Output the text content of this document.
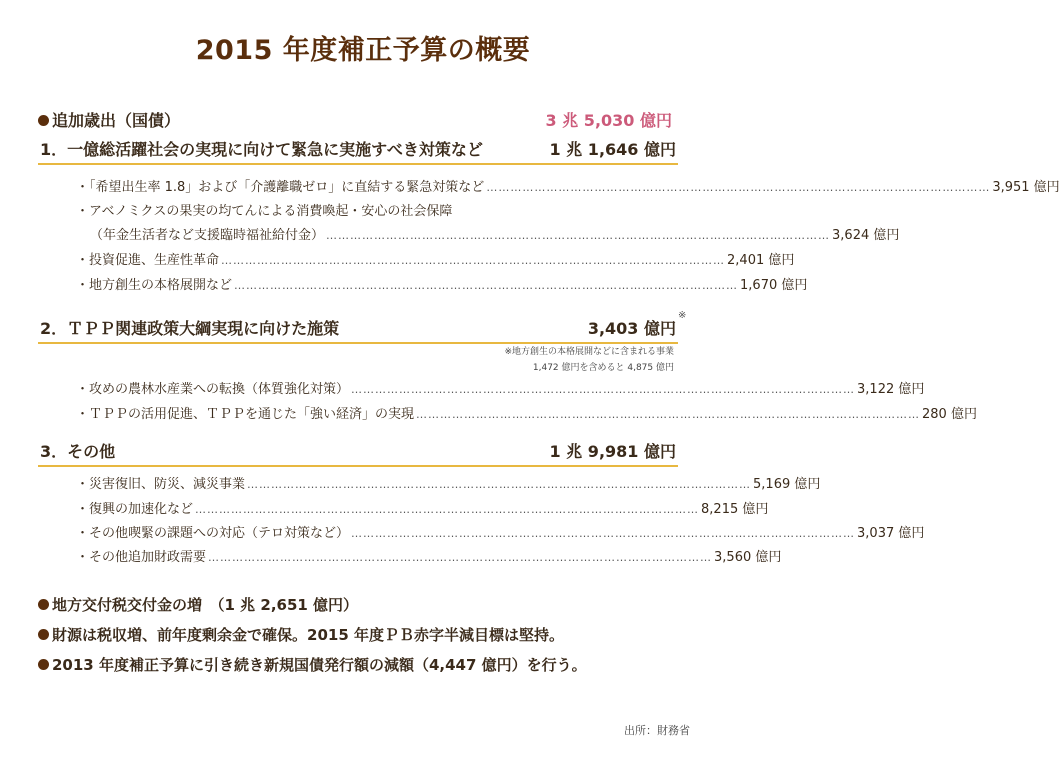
2015 年度補正予算の概要
追加歳出（国債）	3 兆 5,030 億円
1．一億総活躍社会の実現に向けて緊急に実施すべき対策など	1 兆 1,646 億円
・「希望出生率 1.8」および「介護離職ゼロ」に直結する緊急対策など ……………………………………………………………………………………………………………… 3,951 億円
・アベノミクスの果実の均てんによる消費喚起・安心の社会保障
（年金生活者など支援臨時福祉給付金） ……………………………………………………………………………………………………………… 3,624 億円
・投資促進、生産性革命 ……………………………………………………………………………………………………………… 2,401 億円
・地方創生の本格展開など ……………………………………………………………………………………………………………… 1,670 億円
2．ＴＰＰ関連政策大綱実現に向けた施策	3,403 億円
※
※地方創生の本格展開などに含まれる事業
1,472 億円を含めると 4,875 億円
・攻めの農林水産業への転換（体質強化対策） ……………………………………………………………………………………………………………… 3,122 億円
・ＴＰＰの活用促進、ＴＰＰを通じた「強い経済」の実現 ……………………………………………………………………………………………………………… 280 億円
3．その他	1 兆 9,981 億円
・災害復旧、防災、減災事業 ……………………………………………………………………………………………………………… 5,169 億円
・復興の加速化など ……………………………………………………………………………………………………………… 8,215 億円
・その他喫緊の課題への対応（テロ対策など） ……………………………………………………………………………………………………………… 3,037 億円
・その他追加財政需要 ……………………………………………………………………………………………………………… 3,560 億円
地方交付税交付金の増　（1 兆 2,651 億円）
財源は税収増、前年度剰余金で確保。2015 年度ＰＢ赤字半減目標は堅持。
2013 年度補正予算に引き続き新規国債発行額の減額（4,447 億円）を行う。
出所：財務省
